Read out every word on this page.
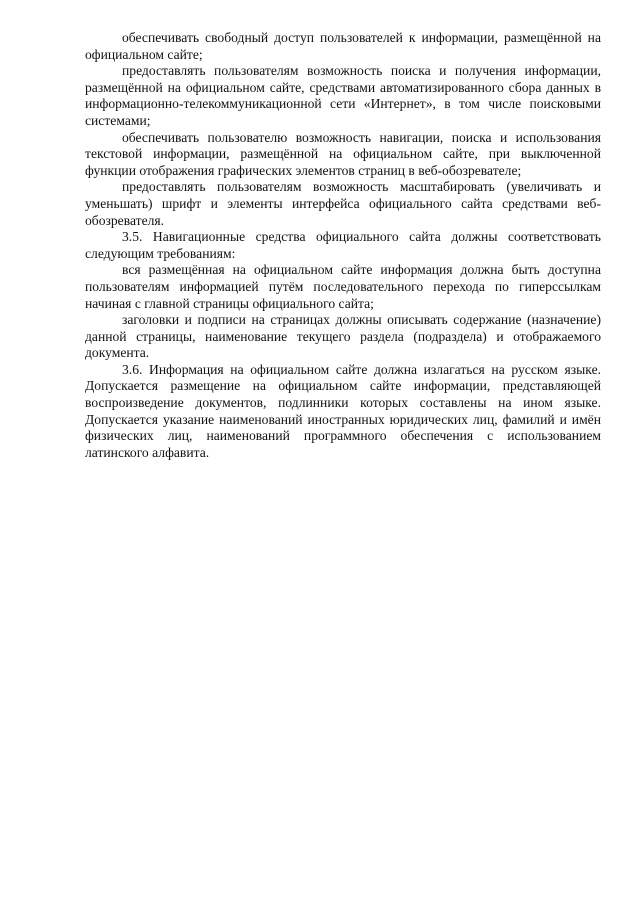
обеспечивать свободный доступ пользователей к информации, размещённой на официальном сайте;

предоставлять пользователям возможность поиска и получения информации, размещённой на официальном сайте, средствами автоматизированного сбора данных в информационно-телекоммуникационной сети «Интернет», в том числе поисковыми системами;

обеспечивать пользователю возможность навигации, поиска и использования текстовой информации, размещённой на официальном сайте, при выключенной функции отображения графических элементов страниц в веб-обозревателе;

предоставлять пользователям возможность масштабировать (увеличивать и уменьшать) шрифт и элементы интерфейса официального сайта средствами веб-обозревателя.

3.5. Навигационные средства официального сайта должны соответствовать следующим требованиям:

вся размещённая на официальном сайте информация должна быть доступна пользователям информацией путём последовательного перехода по гиперссылкам начиная с главной страницы официального сайта;

заголовки и подписи на страницах должны описывать содержание (назначение) данной страницы, наименование текущего раздела (подраздела) и отображаемого документа.

3.6. Информация на официальном сайте должна излагаться на русском языке. Допускается размещение на официальном сайте информации, представляющей воспроизведение документов, подлинники которых составлены на ином языке. Допускается указание наименований иностранных юридических лиц, фамилий и имён физических лиц, наименований программного обеспечения с использованием латинского алфавита.
